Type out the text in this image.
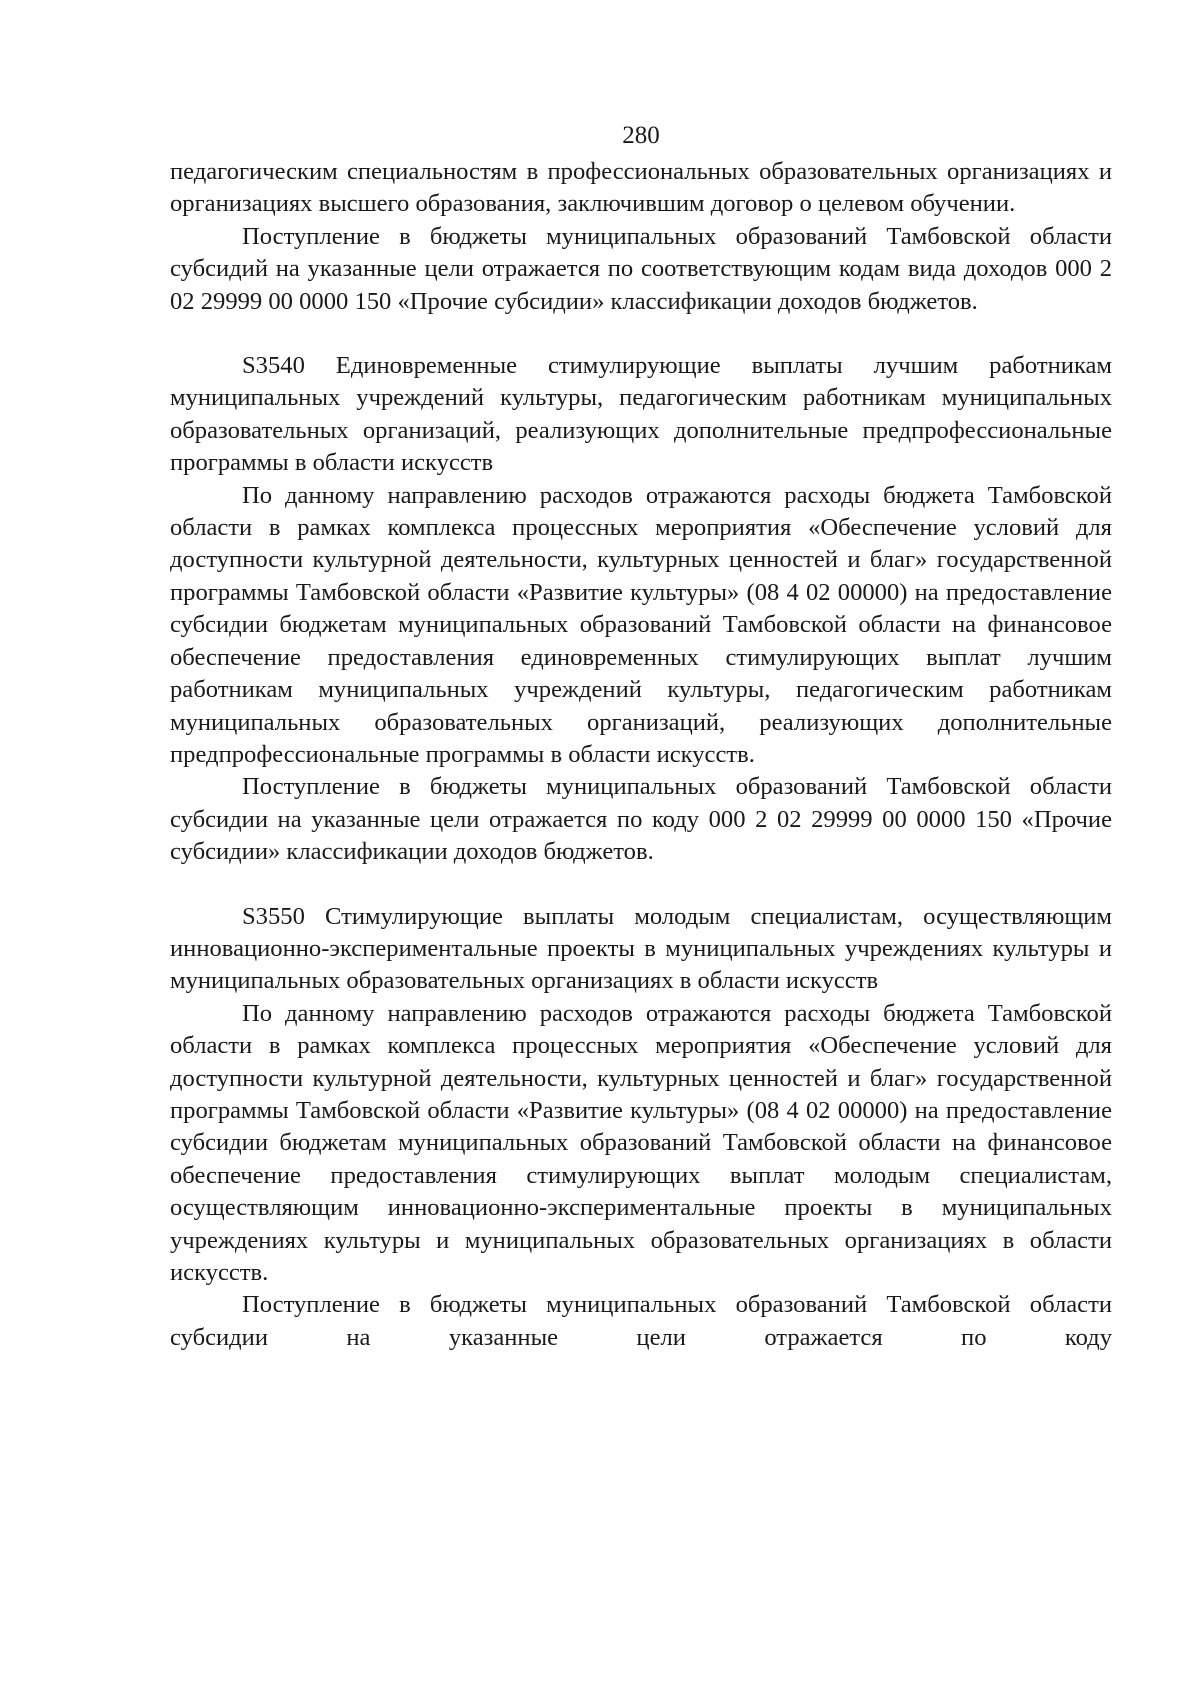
280

педагогическим специальностям в профессиональных образовательных организациях и организациях высшего образования, заключившим договор о целевом обучении.

Поступление в бюджеты муниципальных образований Тамбовской области субсидий на указанные цели отражается по соответствующим кодам вида доходов 000 2 02 29999 00 0000 150 «Прочие субсидии» классификации доходов бюджетов.

S3540 Единовременные стимулирующие выплаты лучшим работникам муниципальных учреждений культуры, педагогическим работникам муниципальных образовательных организаций, реализующих дополнительные предпрофессиональные программы в области искусств

По данному направлению расходов отражаются расходы бюджета Тамбовской области в рамках комплекса процессных мероприятия «Обеспечение условий для доступности культурной деятельности, культурных ценностей и благ» государственной программы Тамбовской области «Развитие культуры» (08 4 02 00000) на предоставление субсидии бюджетам муниципальных образований Тамбовской области на финансовое обеспечение предоставления единовременных стимулирующих выплат лучшим работникам муниципальных учреждений культуры, педагогическим работникам муниципальных образовательных организаций, реализующих дополнительные предпрофессиональные программы в области искусств.

Поступление в бюджеты муниципальных образований Тамбовской области субсидии на указанные цели отражается по коду 000 2 02 29999 00 0000 150 «Прочие субсидии» классификации доходов бюджетов.

S3550 Стимулирующие выплаты молодым специалистам, осуществляющим инновационно-экспериментальные проекты в муниципальных учреждениях культуры и муниципальных образовательных организациях в области искусств

По данному направлению расходов отражаются расходы бюджета Тамбовской области в рамках комплекса процессных мероприятия «Обеспечение условий для доступности культурной деятельности, культурных ценностей и благ» государственной программы Тамбовской области «Развитие культуры» (08 4 02 00000) на предоставление субсидии бюджетам муниципальных образований Тамбовской области на финансовое обеспечение предоставления стимулирующих выплат молодым специалистам, осуществляющим инновационно-экспериментальные проекты в муниципальных учреждениях культуры и муниципальных образовательных организациях в области искусств.

Поступление в бюджеты муниципальных образований Тамбовской области субсидии на указанные цели отражается по коду
